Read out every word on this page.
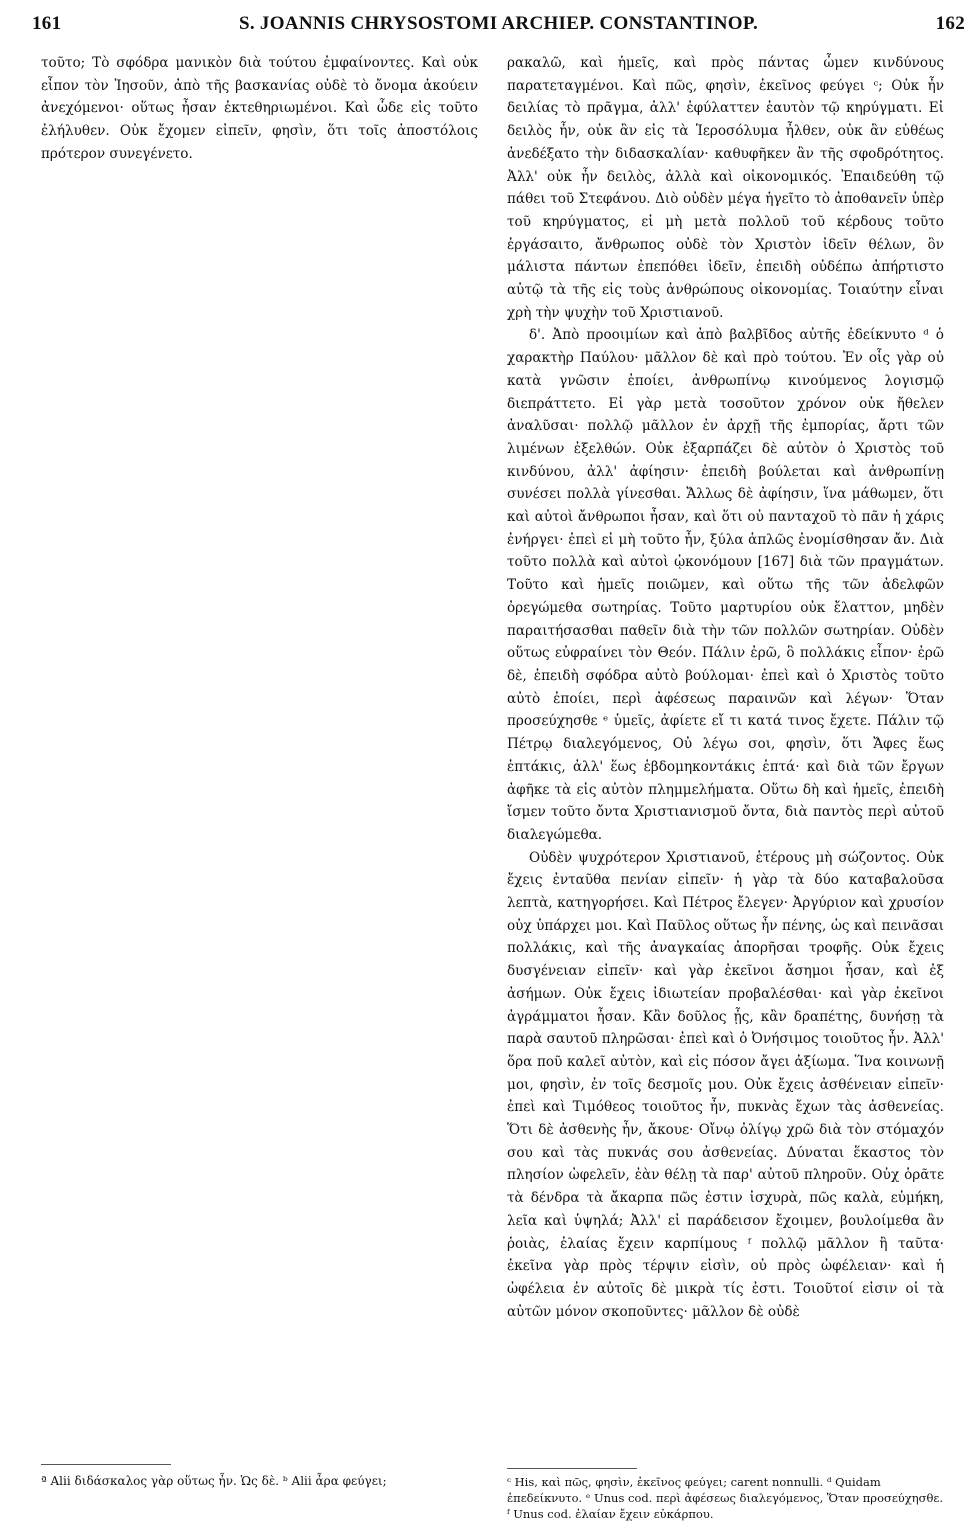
161	S. JOANNIS CHRYSOSTOMI ARCHIEP. CONSTANTINOP.	162

τοῦτο; Τὸ σφόδρα μανικὸν διὰ τούτου ἐμφαίνοντες. Καὶ οὐκ εἶπον τὸν Ἰησοῦν, ἀπὸ τῆς βασκανίας οὐδὲ τὸ ὄνομα ἀκούειν ἀνεχόμενοι· οὕτως ἦσαν ἐκτεθηριωμένοι. Καὶ ὧδε εἰς τοῦτο ἐλήλυθεν. Οὐκ ἔχομεν εἰπεῖν, φησὶν, ὅτι τοῖς ἀποστόλοις πρότερον συνεγένετο.

ρακαλῶ, καὶ ἡμεῖς, καὶ πρὸς πάντας ὦμεν κινδύνους παρατεταγμένοι. Καὶ πῶς, φησὶν, ἐκεῖνος φεύγει ᶜ; Οὐκ ἦν δειλίας τὸ πρᾶγμα, ἀλλ' ἐφύλαττεν ἑαυτὸν τῷ κηρύγματι. Εἰ δειλὸς ἦν, οὐκ ἂν εἰς τὰ Ἱεροσόλυμα ἦλθεν, οὐκ ἂν εὐθέως ἀνεδέξατο τὴν διδασκαλίαν· καθυφῆκεν ἂν τῆς σφοδρότητος. Ἀλλ' οὐκ ἦν δειλὸς, ἀλλὰ καὶ οἰκονομικός. Ἐπαιδεύθη τῷ πάθει τοῦ Στεφάνου. Διὸ οὐδὲν μέγα ἡγεῖτο τὸ ἀποθανεῖν ὑπὲρ τοῦ κηρύγματος, εἰ μὴ μετὰ πολλοῦ τοῦ κέρδους τοῦτο ἐργάσαιτο, ἄνθρωπος οὐδὲ τὸν Χριστὸν ἰδεῖν θέλων, ὃν μάλιστα πάντων ἐπεπόθει ἰδεῖν, ἐπειδὴ οὐδέπω ἀπήρτιστο αὐτῷ τὰ τῆς εἰς τοὺς ἀνθρώπους οἰκονομίας. Τοιαύτην εἶναι χρὴ τὴν ψυχὴν τοῦ Χριστιανοῦ.

δ'. Ἀπὸ προοιμίων καὶ ἀπὸ βαλβῖδος αὐτῆς ἐδείκνυτο ᵈ ὁ χαρακτὴρ Παύλου· μᾶλλον δὲ καὶ πρὸ τούτου. Ἐν οἷς γὰρ οὐ κατὰ γνῶσιν ἐποίει, ἀνθρωπίνῳ κινούμενος λογισμῷ διεπράττετο. Εἰ γὰρ μετὰ τοσοῦτον χρόνον οὐκ ἤθελεν ἀναλῦσαι· πολλῷ μᾶλλον ἐν ἀρχῇ τῆς ἐμπορίας, ἄρτι τῶν λιμένων ἐξελθών. Οὐκ ἐξαρπάζει δὲ αὐτὸν ὁ Χριστὸς τοῦ κινδύνου, ἀλλ' ἀφίησιν· ἐπειδὴ βούλεται καὶ ἀνθρωπίνῃ συνέσει πολλὰ γίνεσθαι. Ἄλλως δὲ ἀφίησιν, ἵνα μάθωμεν, ὅτι καὶ αὐτοὶ ἄνθρωποι ἦσαν, καὶ ὅτι οὐ πανταχοῦ τὸ πᾶν ἡ χάρις ἐνήργει· ἐπεὶ εἰ μὴ τοῦτο ἦν, ξύλα ἁπλῶς ἐνομίσθησαν ἄν. Διὰ τοῦτο πολλὰ καὶ αὐτοὶ ᾠκονόμουν [167] διὰ τῶν πραγμάτων. Τοῦτο καὶ ἡμεῖς ποιῶμεν, καὶ οὕτω τῆς τῶν ἀδελφῶν ὀρεγώμεθα σωτηρίας. Τοῦτο μαρτυρίου οὐκ ἔλαττον, μηδὲν παραιτήσασθαι παθεῖν διὰ τὴν τῶν πολλῶν σωτηρίαν. Οὐδὲν οὕτως εὐφραίνει τὸν Θεόν. Πάλιν ἐρῶ, ὃ πολλάκις εἶπον· ἐρῶ δὲ, ἐπειδὴ σφόδρα αὐτὸ βούλομαι· ἐπεὶ καὶ ὁ Χριστὸς τοῦτο αὐτὸ ἐποίει, περὶ ἀφέσεως παραινῶν καὶ λέγων· Ὅταν προσεύχησθε ᵉ ὑμεῖς, ἀφίετε εἴ τι κατά τινος ἔχετε. Πάλιν τῷ Πέτρῳ διαλεγόμενος, Οὐ λέγω σοι, φησὶν, ὅτι Ἄφες ἕως ἑπτάκις, ἀλλ' ἕως ἑβδομηκοντάκις ἑπτά· καὶ διὰ τῶν ἔργων ἀφῆκε τὰ εἰς αὐτὸν πλημμελήματα. Οὕτω δὴ καὶ ἡμεῖς, ἐπειδὴ ἴσμεν τοῦτο ὄντα Χριστιανισμοῦ ὄντα, διὰ παντὸς περὶ αὐτοῦ διαλεγώμεθα.

Οὐδὲν ψυχρότερον Χριστιανοῦ, ἑτέρους μὴ σώζοντος. Οὐκ ἔχεις ἐνταῦθα πενίαν εἰπεῖν· ἡ γὰρ τὰ δύο καταβαλοῦσα λεπτὰ, κατηγορήσει. Καὶ Πέτρος ἔλεγεν· Ἀργύριον καὶ χρυσίον οὐχ ὑπάρχει μοι. Καὶ Παῦλος οὕτως ἦν πένης, ὡς καὶ πεινᾶσαι πολλάκις, καὶ τῆς ἀναγκαίας ἀπορῆσαι τροφῆς. Οὐκ ἔχεις δυσγένειαν εἰπεῖν· καὶ γὰρ ἐκεῖνοι ἄσημοι ἦσαν, καὶ ἐξ ἀσήμων. Οὐκ ἔχεις ἰδιωτείαν προβαλέσθαι· καὶ γὰρ ἐκεῖνοι ἀγράμματοι ἦσαν. Κἂν δοῦλος ᾖς, κἂν δραπέτης, δυνήσῃ τὰ παρὰ σαυτοῦ πληρῶσαι· ἐπεὶ καὶ ὁ Ὀνήσιμος τοιοῦτος ἦν. Ἀλλ' ὅρα ποῦ καλεῖ αὐτὸν, καὶ εἰς πόσον ἄγει ἀξίωμα. Ἵνα κοινωνῇ μοι, φησὶν, ἐν τοῖς δεσμοῖς μου. Οὐκ ἔχεις ἀσθένειαν εἰπεῖν· ἐπεὶ καὶ Τιμόθεος τοιοῦτος ἦν, πυκνὰς ἔχων τὰς ἀσθενείας. Ὅτι δὲ ἀσθενὴς ἦν, ἄκουε· Οἴνῳ ὀλίγῳ χρῶ διὰ τὸν στόμαχόν σου καὶ τὰς πυκνάς σου ἀσθενείας. Δύναται ἕκαστος τὸν πλησίον ὠφελεῖν, ἐὰν θέλῃ τὰ παρ' αὐτοῦ πληροῦν. Οὐχ ὁρᾶτε τὰ δένδρα τὰ ἄκαρπα πῶς ἐστιν ἰσχυρὰ, πῶς καλὰ, εὐμήκη, λεῖα καὶ ὑψηλά; Ἀλλ' εἰ παράδεισον ἔχοιμεν, βουλοίμεθα ἂν ῥοιὰς, ἐλαίας ἔχειν καρπίμους ᶠ πολλῷ μᾶλλον ἢ ταῦτα· ἐκεῖνα γὰρ πρὸς τέρψιν εἰσὶν, οὐ πρὸς ὠφέλειαν· καὶ ἡ ὠφέλεια ἐν αὐτοῖς δὲ μικρὰ τίς ἐστι. Τοιοῦτοί εἰσιν οἱ τὰ αὐτῶν μόνον σκοποῦντες· μᾶλλον δὲ οὐδὲ

ª Alii διδάσκαλος γὰρ οὕτως ἦν. Ὡς δὲ. ᵇ Alii ἆρα φεύγει;	ᶜ His, καὶ πῶς, φησὶν, ἐκεῖνος φεύγει; carent nonnulli. ᵈ Quidam ἐπεδείκνυτο. ᵉ Unus cod. περὶ ἀφέσεως διαλεγόμενος, Ὅταν προσεύχησθε. ᶠ Unus cod. ἐλαίαν ἔχειν εὐκάρπου.
